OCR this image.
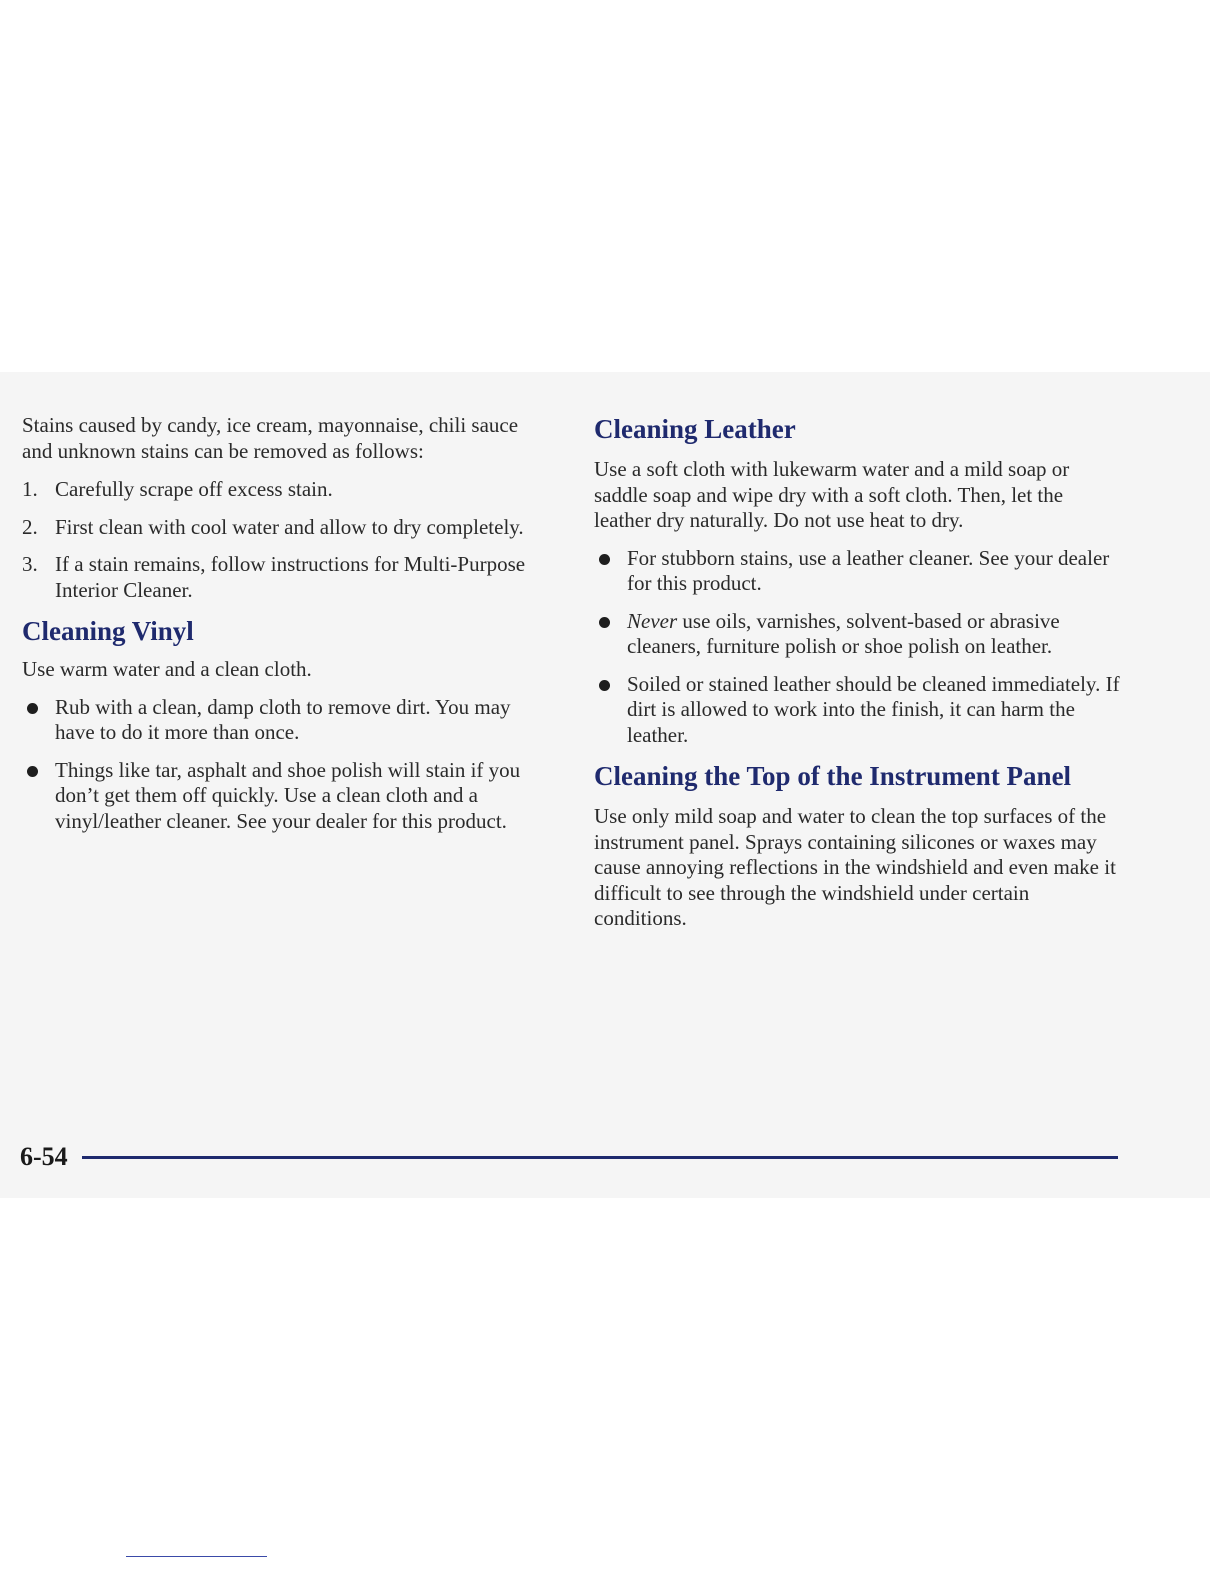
Stains caused by candy, ice cream, mayonnaise, chili sauce and unknown stains can be removed as follows:

1. Carefully scrape off excess stain.
2. First clean with cool water and allow to dry completely.
3. If a stain remains, follow instructions for Multi-Purpose Interior Cleaner.
Cleaning Vinyl

Use warm water and a clean cloth.

Rub with a clean, damp cloth to remove dirt. You may have to do it more than once.
Things like tar, asphalt and shoe polish will stain if you don’t get them off quickly. Use a clean cloth and a vinyl/leather cleaner. See your dealer for this product.
Cleaning Leather

Use a soft cloth with lukewarm water and a mild soap or saddle soap and wipe dry with a soft cloth. Then, let the leather dry naturally. Do not use heat to dry.

For stubborn stains, use a leather cleaner. See your dealer for this product.
Never use oils, varnishes, solvent-based or abrasive cleaners, furniture polish or shoe polish on leather.
Soiled or stained leather should be cleaned immediately. If dirt is allowed to work into the finish, it can harm the leather.
Cleaning the Top of the Instrument Panel

Use only mild soap and water to clean the top surfaces of the instrument panel. Sprays containing silicones or waxes may cause annoying reflections in the windshield and even make it difficult to see through the windshield under certain conditions.

6-54
